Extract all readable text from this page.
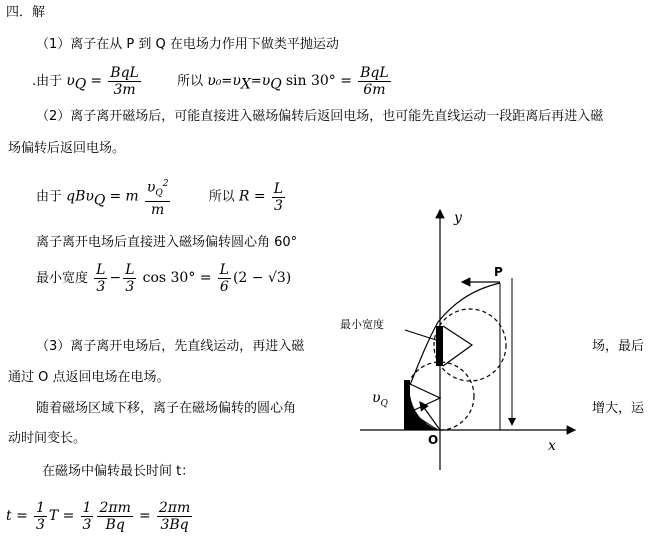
四．解
（1）离子在从 P 到 Q 在电场力作用下做类平抛运动
.由于 $\upsilon_Q = \frac{\text{BqL}}{3m}$	所以 $\upsilon_0=\upsilon_X=\upsilon_Q$ $\sin 30^\circ = \frac{\text{BqL}}{6m}$
（2）离子离开磁场后，可能直接进入磁场偏转后返回电场，也可能先直线运动一段距离后再进入磁
场偏转后返回电场。
由于 qBυ$_Q$ = m $\frac{\upsilon_Q^2}{m}$	所以 $R = \frac{L}{3}$
离子离开电场后直接进入磁场偏转圆心角 60°
最小宽度 $\frac{L}{3} - \frac{L}{3}$ $\cos 30^\circ = \frac{L}{6} (2 - √3)$
（3）离子离开电场后，先直线运动，再进入磁	场，最后
通过 O 点返回电场在电场。
随着磁场区域下移，离子在磁场偏转的圆心角	增大，运
动时间变长。
在磁场中偏转最长时间 t：
$t = \frac{1}{3}$ $T = \frac{1}{3} \frac{2\pi m}{Bq} = \frac{2\pi m}{3Bq}$
y
x
O
P
最小宽度
$\upsilon_Q$
